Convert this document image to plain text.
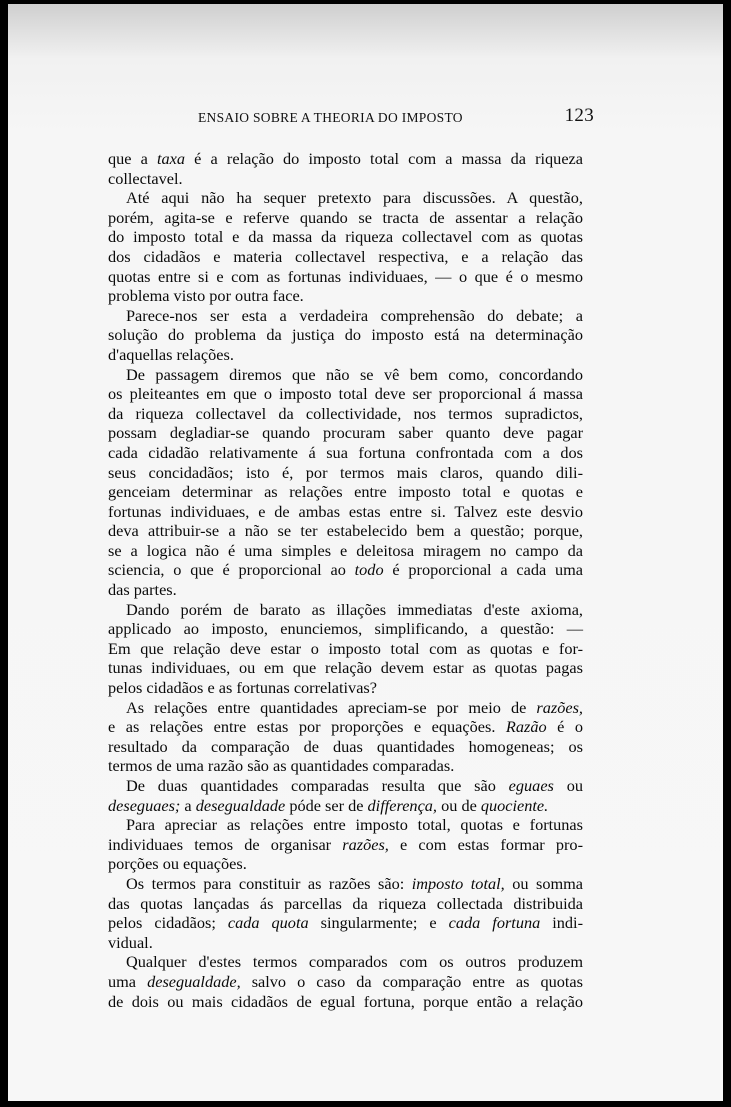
ENSAIO SOBRE A THEORIA DO IMPOSTO	123

que a taxa é a relação do imposto total com a massa da riqueza

collectavel.

Até aqui não ha sequer pretexto para discussões. A questão,

porém, agita-se e referve quando se tracta de assentar a relação

do imposto total e da massa da riqueza collectavel com as quotas

dos cidadãos e materia collectavel respectiva, e a relação das

quotas entre si e com as fortunas individuaes, — o que é o mesmo

problema visto por outra face.

Parece-nos ser esta a verdadeira comprehensão do debate; a

solução do problema da justiça do imposto está na determinação

d'aquellas relações.

De passagem diremos que não se vê bem como, concordando

os pleiteantes em que o imposto total deve ser proporcional á massa

da riqueza collectavel da collectividade, nos termos supradictos,

possam degladiar-se quando procuram saber quanto deve pagar

cada cidadão relativamente á sua fortuna confrontada com a dos

seus concidadãos; isto é, por termos mais claros, quando dili-

genceiam determinar as relações entre imposto total e quotas e

fortunas individuaes, e de ambas estas entre si. Talvez este desvio

deva attribuir-se a não se ter estabelecido bem a questão; porque,

se a logica não é uma simples e deleitosa miragem no campo da

sciencia, o que é proporcional ao todo é proporcional a cada uma

das partes.

Dando porém de barato as illações immediatas d'este axioma,

applicado ao imposto, enunciemos, simplificando, a questão: —

Em que relação deve estar o imposto total com as quotas e for-

tunas individuaes, ou em que relação devem estar as quotas pagas

pelos cidadãos e as fortunas correlativas?

As relações entre quantidades apreciam-se por meio de razões,

e as relações entre estas por proporções e equações. Razão é o

resultado da comparação de duas quantidades homogeneas; os

termos de uma razão são as quantidades comparadas.

De duas quantidades comparadas resulta que são eguaes ou

deseguaes; a desegualdade póde ser de differença, ou de quociente.

Para apreciar as relações entre imposto total, quotas e fortunas

individuaes temos de organisar razões, e com estas formar pro-

porções ou equações.

Os termos para constituir as razões são: imposto total, ou somma

das quotas lançadas ás parcellas da riqueza collectada distribuida

pelos cidadãos; cada quota singularmente; e cada fortuna indi-

vidual.

Qualquer d'estes termos comparados com os outros produzem

uma desegualdade, salvo o caso da comparação entre as quotas

de dois ou mais cidadãos de egual fortuna, porque então a relação
